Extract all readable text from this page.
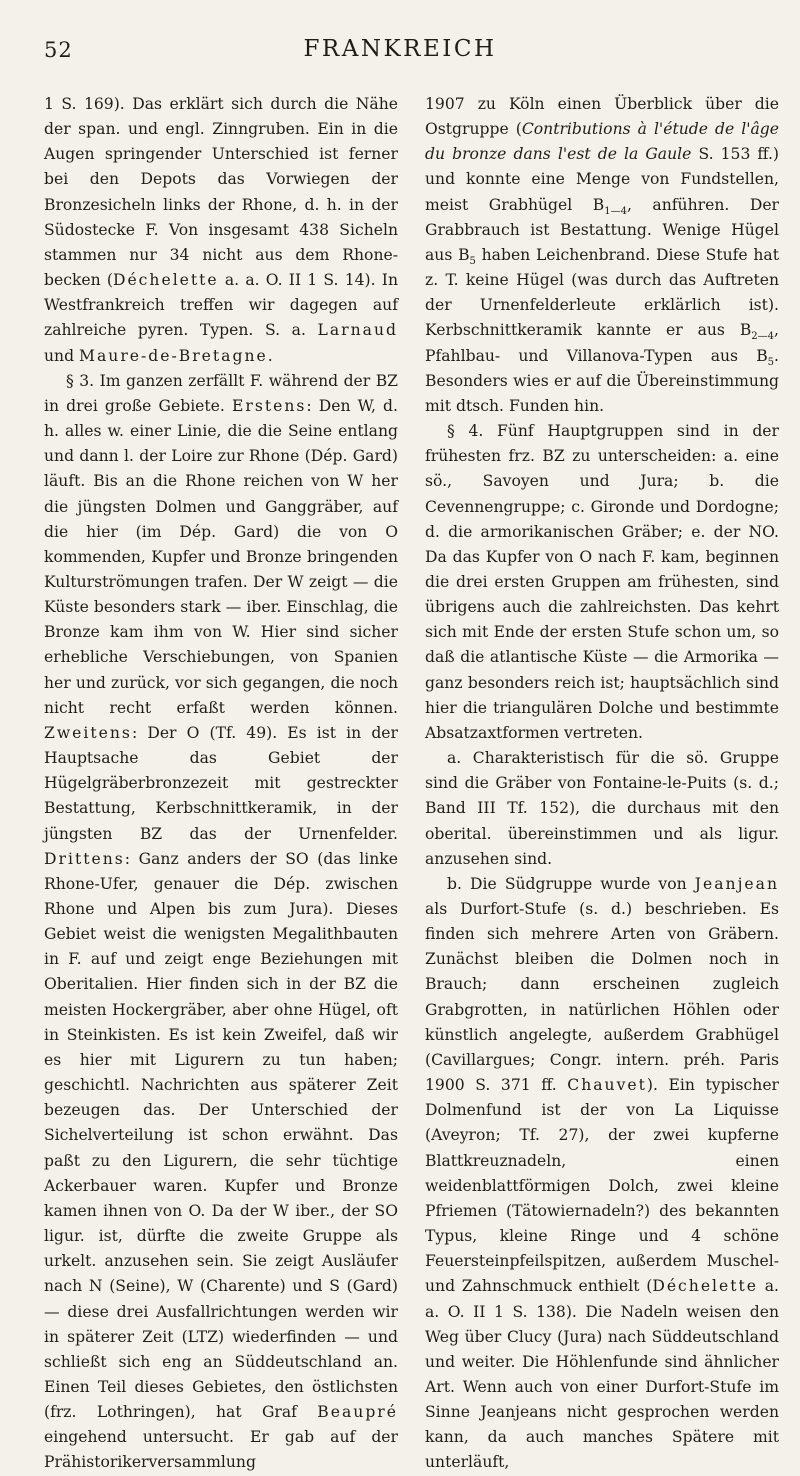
52	FRANKREICH

1 S. 169). Das erklärt sich durch die Nähe der span. und engl. Zinngruben. Ein in die Augen springender Unterschied ist ferner bei den Depots das Vorwiegen der Bronzesicheln links der Rhone, d. h. in der Südostecke F. Von insgesamt 438 Sicheln stammen nur 34 nicht aus dem Rhone-becken (Déchelette a. a. O. II 1 S. 14). In Westfrankreich treffen wir dagegen auf zahlreiche pyren. Typen. S. a. Larnaud und Maure-de-Bretagne.

§ 3. Im ganzen zerfällt F. während der BZ in drei große Gebiete. Erstens: Den W, d. h. alles w. einer Linie, die die Seine entlang und dann l. der Loire zur Rhone (Dép. Gard) läuft. Bis an die Rhone reichen von W her die jüngsten Dolmen und Ganggräber, auf die hier (im Dép. Gard) die von O kommenden, Kupfer und Bronze bringenden Kulturströmungen trafen. Der W zeigt — die Küste besonders stark — iber. Einschlag, die Bronze kam ihm von W. Hier sind sicher erhebliche Verschiebungen, von Spanien her und zurück, vor sich gegangen, die noch nicht recht erfaßt werden können. Zweitens: Der O (Tf. 49). Es ist in der Hauptsache das Gebiet der Hügelgräberbronzezeit mit gestreckter Bestattung, Kerbschnittkeramik, in der jüngsten BZ das der Urnenfelder. Drittens: Ganz anders der SO (das linke Rhone-Ufer, genauer die Dép. zwischen Rhone und Alpen bis zum Jura). Dieses Gebiet weist die wenigsten Megalithbauten in F. auf und zeigt enge Beziehungen mit Oberitalien. Hier finden sich in der BZ die meisten Hockergräber, aber ohne Hügel, oft in Steinkisten. Es ist kein Zweifel, daß wir es hier mit Ligurern zu tun haben; geschichtl. Nachrichten aus späterer Zeit bezeugen das. Der Unterschied der Sichelverteilung ist schon erwähnt. Das paßt zu den Ligurern, die sehr tüchtige Ackerbauer waren. Kupfer und Bronze kamen ihnen von O. Da der W iber., der SO ligur. ist, dürfte die zweite Gruppe als urkelt. anzusehen sein. Sie zeigt Ausläufer nach N (Seine), W (Charente) und S (Gard) — diese drei Ausfallrichtungen werden wir in späterer Zeit (LTZ) wiederfinden — und schließt sich eng an Süddeutschland an. Einen Teil dieses Gebietes, den östlichsten (frz. Lothringen), hat Graf Beaupré eingehend untersucht. Er gab auf der Prähistorikerversammlung

1907 zu Köln einen Überblick über die Ostgruppe (Contributions à l'étude de l'âge du bronze dans l'est de la Gaule S. 153 ff.) und konnte eine Menge von Fundstellen, meist Grabhügel $B_{1—4}$, anführen. Der Grabbrauch ist Bestattung. Wenige Hügel aus $B_5$ haben Leichenbrand. Diese Stufe hat z. T. keine Hügel (was durch das Auftreten der Urnenfelderleute erklärlich ist). Kerbschnittkeramik kannte er aus $B_{2—4}$, Pfahlbau- und Villanova-Typen aus $B_5$. Besonders wies er auf die Übereinstimmung mit dtsch. Funden hin.

§ 4. Fünf Hauptgruppen sind in der frühesten frz. BZ zu unterscheiden: a. eine sö., Savoyen und Jura; b. die Cevennengruppe; c. Gironde und Dordogne; d. die armorikanischen Gräber; e. der NO. Da das Kupfer von O nach F. kam, beginnen die drei ersten Gruppen am frühesten, sind übrigens auch die zahlreichsten. Das kehrt sich mit Ende der ersten Stufe schon um, so daß die atlantische Küste — die Armorika — ganz besonders reich ist; hauptsächlich sind hier die triangulären Dolche und bestimmte Absatzaxtformen vertreten.

a. Charakteristisch für die sö. Gruppe sind die Gräber von Fontaine-le-Puits (s. d.; Band III Tf. 152), die durchaus mit den oberital. übereinstimmen und als ligur. anzusehen sind.

b. Die Südgruppe wurde von Jeanjean als Durfort-Stufe (s. d.) beschrieben. Es finden sich mehrere Arten von Gräbern. Zunächst bleiben die Dolmen noch in Brauch; dann erscheinen zugleich Grabgrotten, in natürlichen Höhlen oder künstlich angelegte, außerdem Grabhügel (Cavillargues; Congr. intern. préh. Paris 1900 S. 371 ff. Chauvet). Ein typischer Dolmenfund ist der von La Liquisse (Aveyron; Tf. 27), der zwei kupferne Blattkreuznadeln, einen weidenblattförmigen Dolch, zwei kleine Pfriemen (Tätowiernadeln?) des bekannten Typus, kleine Ringe und 4 schöne Feuersteinpfeilspitzen, außerdem Muschel- und Zahnschmuck enthielt (Déchelette a. a. O. II 1 S. 138). Die Nadeln weisen den Weg über Clucy (Jura) nach Süddeutschland und weiter. Die Höhlenfunde sind ähnlicher Art. Wenn auch von einer Durfort-Stufe im Sinne Jeanjeans nicht gesprochen werden kann, da auch manches Spätere mit unterläuft,
